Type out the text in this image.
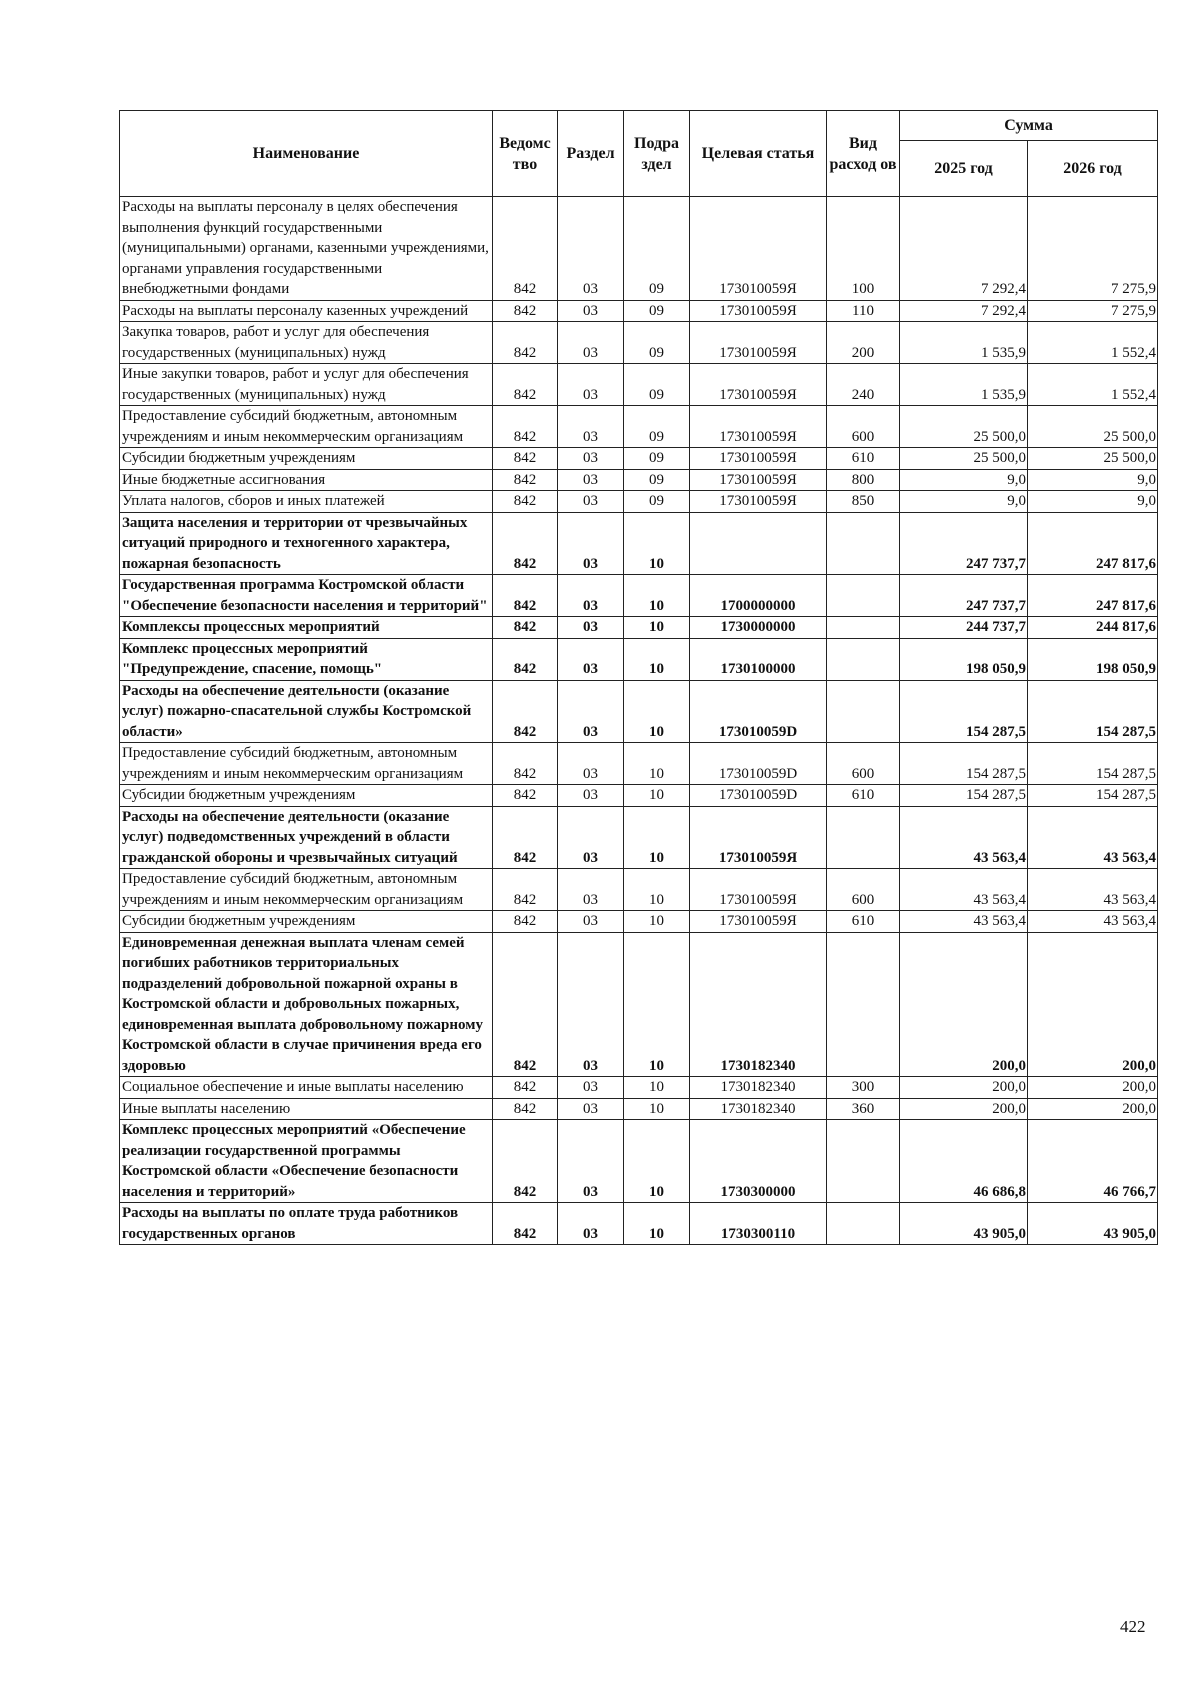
Наименование	Ведомс тво	Раздел	Подра здел	Целевая статья	Вид расход ов	Сумма	
						2025 год	2026 год
Расходы на выплаты персоналу в целях обеспечения выполнения функций государственными (муниципальными) органами, казенными учреждениями, органами управления государственными внебюджетными фондами	842	03	09	173010059Я	100	7 292,4	7 275,9
Расходы на выплаты персоналу казенных учреждений	842	03	09	173010059Я	110	7 292,4	7 275,9
Закупка товаров, работ и услуг для обеспечения государственных (муниципальных) нужд	842	03	09	173010059Я	200	1 535,9	1 552,4
Иные закупки товаров, работ и услуг для обеспечения государственных (муниципальных) нужд	842	03	09	173010059Я	240	1 535,9	1 552,4
Предоставление субсидий бюджетным, автономным учреждениям и иным некоммерческим организациям	842	03	09	173010059Я	600	25 500,0	25 500,0
Субсидии бюджетным учреждениям	842	03	09	173010059Я	610	25 500,0	25 500,0
Иные бюджетные ассигнования	842	03	09	173010059Я	800	9,0	9,0
Уплата налогов, сборов и иных платежей	842	03	09	173010059Я	850	9,0	9,0
Защита населения и территории от чрезвычайных ситуаций природного и техногенного характера, пожарная безопасность	842	03	10			247 737,7	247 817,6
Государственная программа Костромской области "Обеспечение безопасности населения и территорий"	842	03	10	1700000000		247 737,7	247 817,6
Комплексы процессных мероприятий	842	03	10	1730000000		244 737,7	244 817,6
Комплекс процессных мероприятий "Предупреждение, спасение, помощь"	842	03	10	1730100000		198 050,9	198 050,9
Расходы на обеспечение деятельности (оказание услуг) пожарно-спасательной службы Костромской области»	842	03	10	173010059D		154 287,5	154 287,5
Предоставление субсидий бюджетным, автономным учреждениям и иным некоммерческим организациям	842	03	10	173010059D	600	154 287,5	154 287,5
Субсидии бюджетным учреждениям	842	03	10	173010059D	610	154 287,5	154 287,5
Расходы на обеспечение деятельности (оказание услуг) подведомственных учреждений в области гражданской обороны и чрезвычайных ситуаций	842	03	10	173010059Я		43 563,4	43 563,4
Предоставление субсидий бюджетным, автономным учреждениям и иным некоммерческим организациям	842	03	10	173010059Я	600	43 563,4	43 563,4
Субсидии бюджетным учреждениям	842	03	10	173010059Я	610	43 563,4	43 563,4
Единовременная денежная выплата членам семей погибших работников территориальных подразделений добровольной пожарной охраны в Костромской области и добровольных пожарных, единовременная выплата добровольному пожарному Костромской области в случае причинения вреда его здоровью	842	03	10	1730182340		200,0	200,0
Социальное обеспечение и иные выплаты населению	842	03	10	1730182340	300	200,0	200,0
Иные выплаты населению	842	03	10	1730182340	360	200,0	200,0
Комплекс процессных мероприятий «Обеспечение реализации государственной программы Костромской области «Обеспечение безопасности населения и территорий»	842	03	10	1730300000		46 686,8	46 766,7
Расходы на выплаты по оплате труда работников государственных органов	842	03	10	1730300110		43 905,0	43 905,0
422
